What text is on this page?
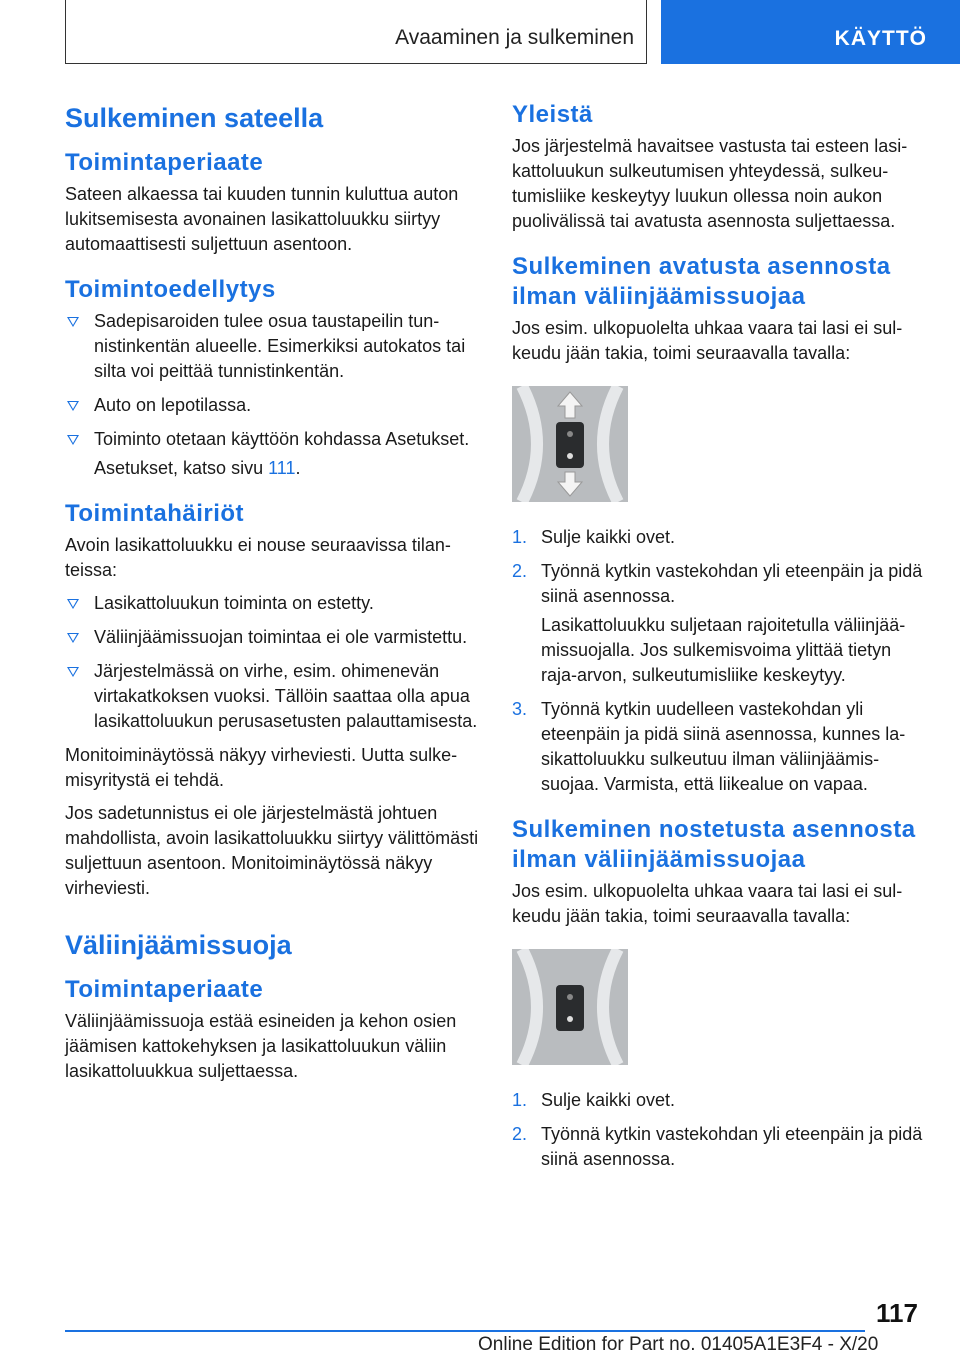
Avaaminen ja sulkeminen	KÄYTTÖ
Sulkeminen sateella
Toimintaperiaate

Sateen alkaessa tai kuuden tunnin kuluttua auton lukitsemisesta avonainen lasikattoluukku siirtyy automaattisesti suljettuun asentoon.

Toimintoedellytys
Sadepisaroiden tulee osua taustapeilin tunnistinkentän alueelle. Esimerkiksi autokatos tai silta voi peittää tunnistinkentän.
Auto on lepotilassa.
Toiminto otetaan käyttöön kohdassa Asetukset.
Asetukset, katso sivu 111.
Toimintahäiriöt

Avoin lasikattoluukku ei nouse seuraavissa tilanteissa:

Lasikattoluukun toiminta on estetty.
Väliinjäämissuojan toimintaa ei ole varmistettu.
Järjestelmässä on virhe, esim. ohimenevän virtakatkoksen vuoksi. Tällöin saattaa olla apua lasikattoluukun perusasetusten palauttamisesta.

Monitoiminäytössä näkyy virheviesti. Uutta sulkemisyritystä ei tehdä.

Jos sadetunnistus ei ole järjestelmästä johtuen mahdollista, avoin lasikattoluukku siirtyy välittömästi suljettuun asentoon. Monitoiminäytössä näkyy virheviesti.

Väliinjäämissuoja
Toimintaperiaate

Väliinjäämissuoja estää esineiden ja kehon osien jäämisen kattokehyksen ja lasikattoluukun väliin lasikattoluukkua suljettaessa.

Yleistä

Jos järjestelmä havaitsee vastusta tai esteen lasikattoluukun sulkeutumisen yhteydessä, sulkeutumisliike keskeytyy luukun ollessa noin aukon puolivälissä tai avatusta asennosta suljettaessa.

Sulkeminen avatusta asennosta ilman väliinjäämissuojaa

Jos esim. ulkopuolelta uhkaa vaara tai lasi ei sulkeudu jään takia, toimi seuraavalla tavalla:

1. Sulje kaikki ovet.
2. Työnnä kytkin vastekohdan yli eteenpäin ja pidä siinä asennossa.
Lasikattoluukku suljetaan rajoitetulla väliinjäämissuojalla. Jos sulkemisvoima ylittää tietyn raja-arvon, sulkeutumisliike keskeytyy.
3. Työnnä kytkin uudelleen vastekohdan yli eteenpäin ja pidä siinä asennossa, kunnes lasikattoluukku sulkeutuu ilman väliinjäämissuojaa. Varmista, että liikealue on vapaa.
Sulkeminen nostetusta asennosta ilman väliinjäämissuojaa

Jos esim. ulkopuolelta uhkaa vaara tai lasi ei sulkeudu jään takia, toimi seuraavalla tavalla:

1. Sulje kaikki ovet.
2. Työnnä kytkin vastekohdan yli eteenpäin ja pidä siinä asennossa.
117
Online Edition for Part no. 01405A1E3F4 - X/20
